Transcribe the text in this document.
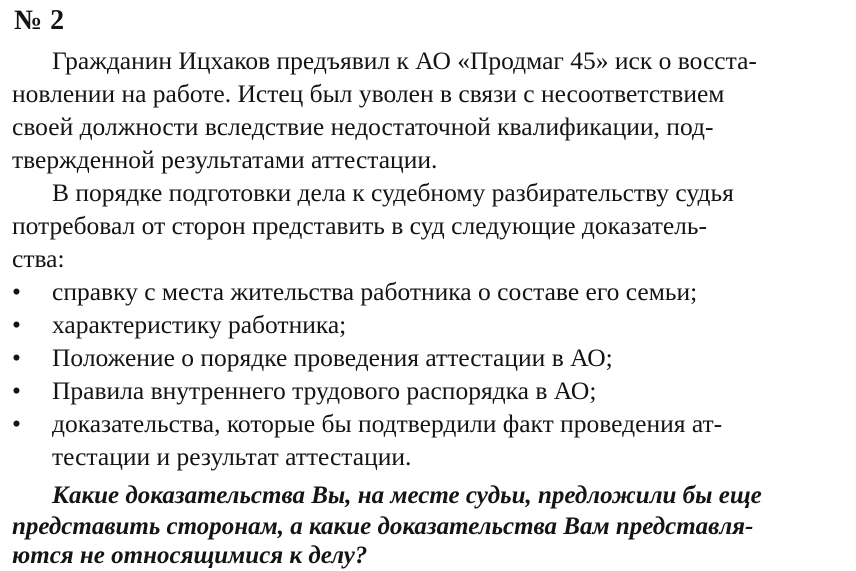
№ 2
Гражданин Ицхаков предъявил к АО «Продмаг 45» иск о восста-
новлении на работе. Истец был уволен в связи с несоответствием
своей должности вследствие недостаточной квалификации, под-
твержденной результатами аттестации.
В порядке подготовки дела к судебному разбирательству судья
потребовал от сторон представить в суд следующие доказатель-
ства:
• справку с места жительства работника о составе его семьи;
• характеристику работника;
• Положение о порядке проведения аттестации в АО;
• Правила внутреннего трудового распорядка в АО;
• доказательства, которые бы подтвердили факт проведения ат-
тестации и результат аттестации.
Какие доказательства Вы, на месте судьи, предложили бы еще
представить сторонам, а какие доказательства Вам представля-
ются не относящимися к делу?
